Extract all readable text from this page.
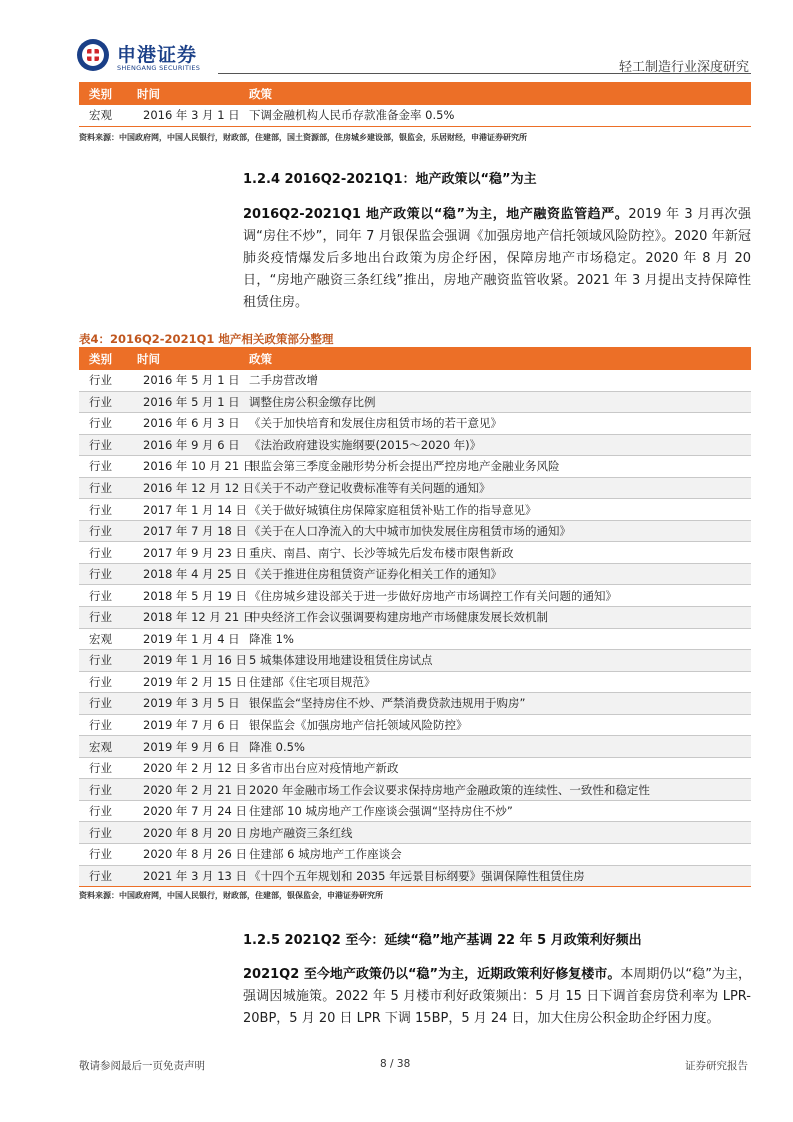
申港证券
SHENGANG SECURITIES	轻工制造行业深度研究
类别	时间	政策
宏观	2016 年 3 月 1 日	下调金融机构人民币存款准备金率 0.5%
资料来源：中国政府网，中国人民银行，财政部，住建部，国土资源部，住房城乡建设部，银监会，乐居财经，申港证券研究所
1.2.4 2016Q2-2021Q1：地产政策以“稳”为主
2016Q2-2021Q1 地产政策以“稳”为主，地产融资监管趋严。2019 年 3 月再次强调“房住不炒”，同年 7 月银保监会强调《加强房地产信托领域风险防控》。2020 年新冠肺炎疫情爆发后多地出台政策为房企纾困，保障房地产市场稳定。2020 年 8 月 20 日，“房地产融资三条红线”推出，房地产融资监管收紧。2021 年 3 月提出支持保障性租赁住房。
表4：2016Q2-2021Q1 地产相关政策部分整理
类别	时间	政策
行业	2016 年 5 月 1 日	二手房营改增
行业	2016 年 5 月 1 日	调整住房公积金缴存比例
行业	2016 年 6 月 3 日	《关于加快培育和发展住房租赁市场的若干意见》
行业	2016 年 9 月 6 日	《法治政府建设实施纲要(2015～2020 年)》
行业	2016 年 10 月 21 日	银监会第三季度金融形势分析会提出严控房地产金融业务风险
行业	2016 年 12 月 12 日	《关于不动产登记收费标准等有关问题的通知》
行业	2017 年 1 月 14 日	《关于做好城镇住房保障家庭租赁补贴工作的指导意见》
行业	2017 年 7 月 18 日	《关于在人口净流入的大中城市加快发展住房租赁市场的通知》
行业	2017 年 9 月 23 日	重庆、南昌、南宁、长沙等城先后发布楼市限售新政
行业	2018 年 4 月 25 日	《关于推进住房租赁资产证券化相关工作的通知》
行业	2018 年 5 月 19 日	《住房城乡建设部关于进一步做好房地产市场调控工作有关问题的通知》
行业	2018 年 12 月 21 日	中央经济工作会议强调要构建房地产市场健康发展长效机制
宏观	2019 年 1 月 4 日	降准 1%
行业	2019 年 1 月 16 日	5 城集体建设用地建设租赁住房试点
行业	2019 年 2 月 15 日	住建部《住宅项目规范》
行业	2019 年 3 月 5 日	银保监会“坚持房住不炒、严禁消费贷款违规用于购房”
行业	2019 年 7 月 6 日	银保监会《加强房地产信托领域风险防控》
宏观	2019 年 9 月 6 日	降准 0.5%
行业	2020 年 2 月 12 日	多省市出台应对疫情地产新政
行业	2020 年 2 月 21 日	2020 年金融市场工作会议要求保持房地产金融政策的连续性、一致性和稳定性
行业	2020 年 7 月 24 日	住建部 10 城房地产工作座谈会强调“坚持房住不炒”
行业	2020 年 8 月 20 日	房地产融资三条红线
行业	2020 年 8 月 26 日	住建部 6 城房地产工作座谈会
行业	2021 年 3 月 13 日	《十四个五年规划和 2035 年远景目标纲要》强调保障性租赁住房
资料来源：中国政府网，中国人民银行，财政部，住建部，银保监会，申港证券研究所
1.2.5 2021Q2 至今：延续“稳”地产基调 22 年 5 月政策利好频出
2021Q2 至今地产政策仍以“稳”为主，近期政策利好修复楼市。本周期仍以“稳”为主，强调因城施策。2022 年 5 月楼市利好政策频出：5 月 15 日下调首套房贷利率为 LPR-20BP，5 月 20 日 LPR 下调 15BP，5 月 24 日，加大住房公积金助企纾困力度。
敬请参阅最后一页免责声明	8 / 38	证券研究报告
